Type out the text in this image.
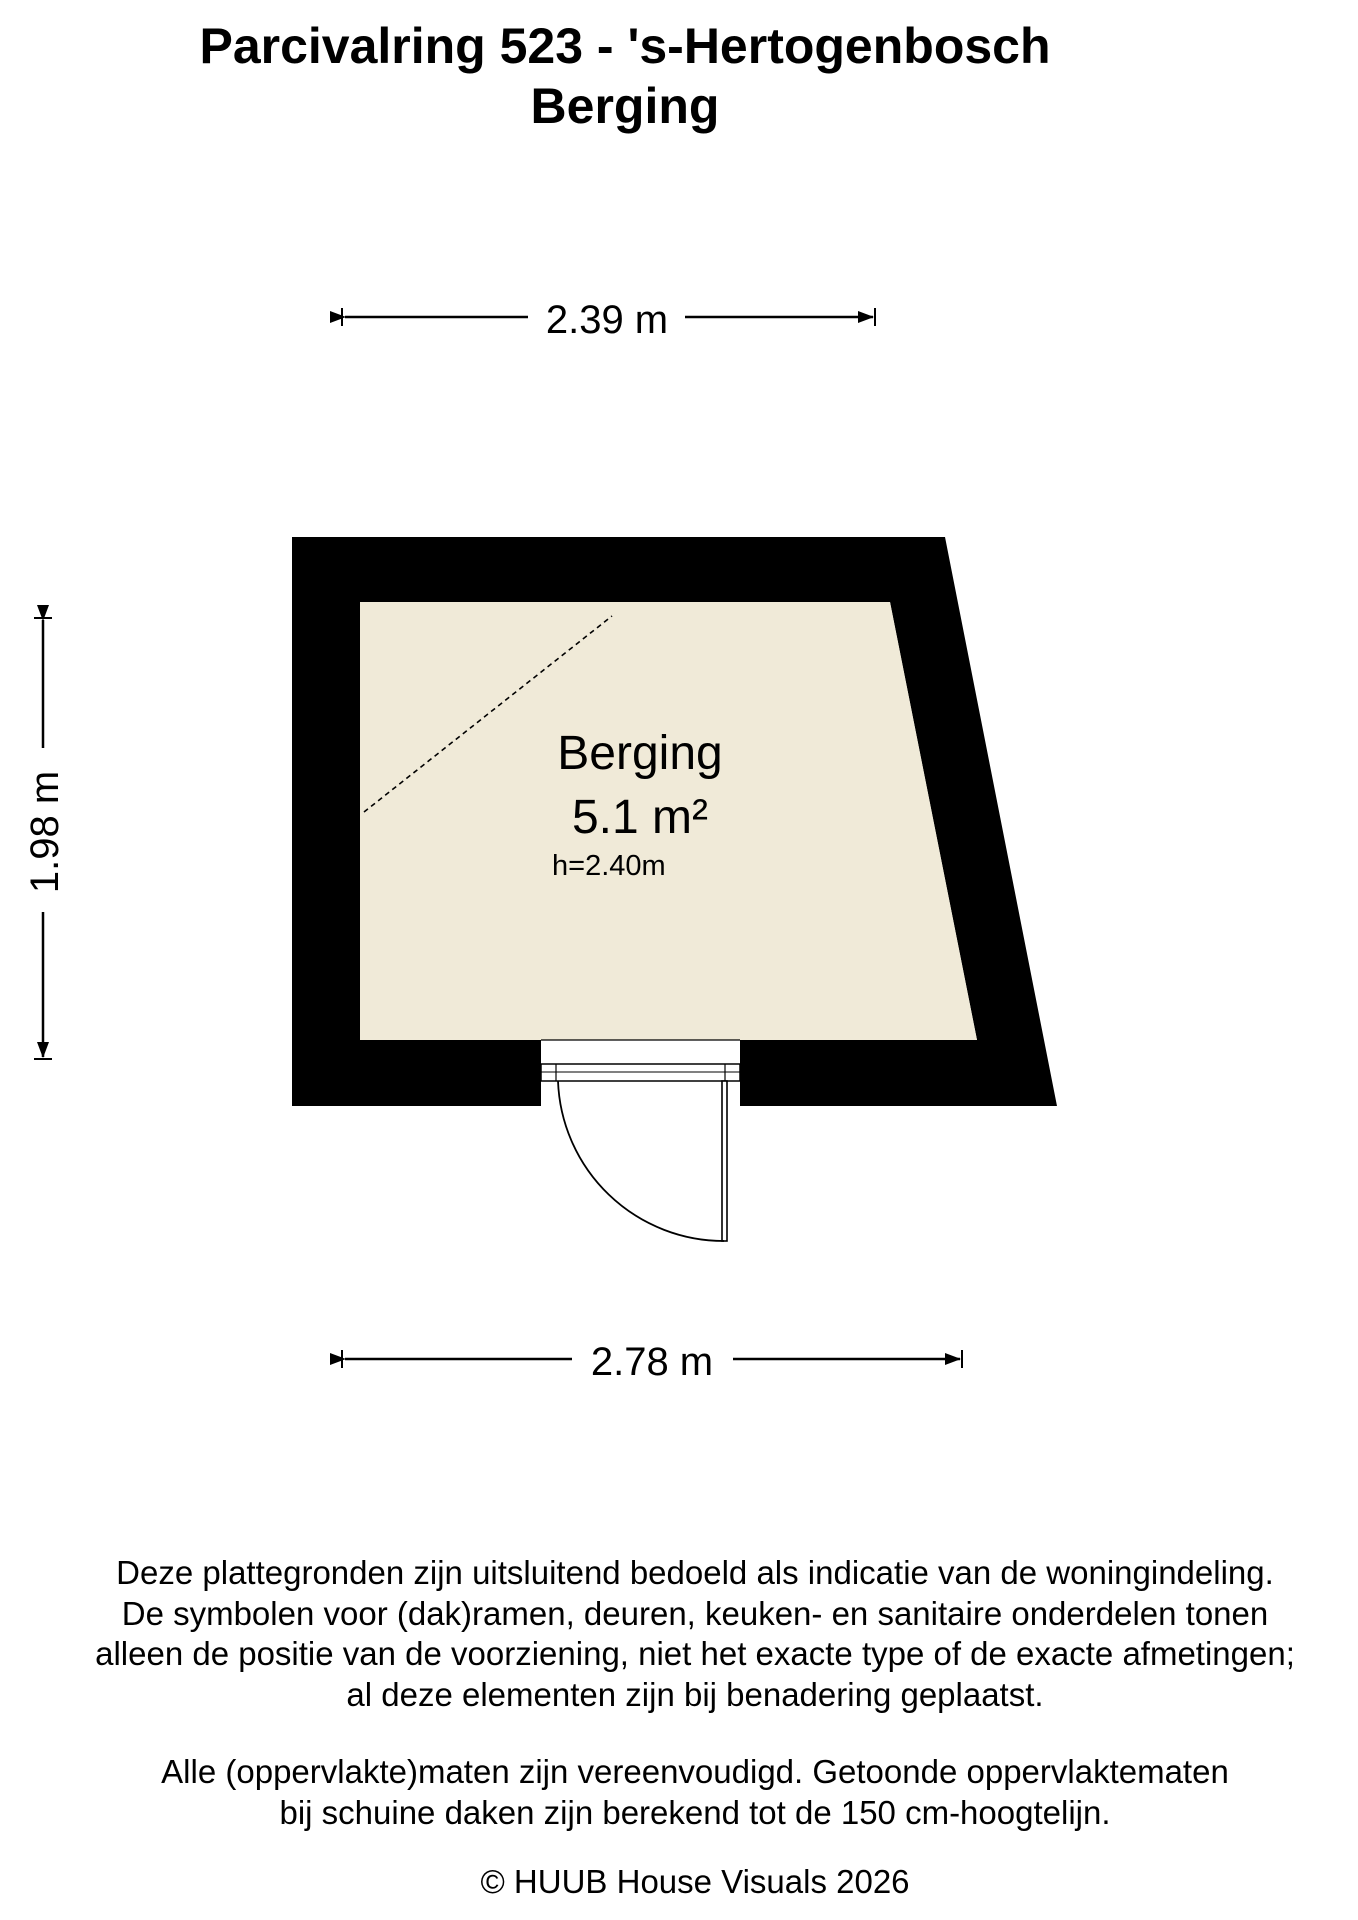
Parcivalring 523 - 's-Hertogenbosch
Berging
2.39 m
1.98 m
Berging
5.1 m²
h=2.40m
2.78 m
Deze plattegronden zijn uitsluitend bedoeld als indicatie van de woningindeling.
De symbolen voor (dak)ramen, deuren, keuken- en sanitaire onderdelen tonen
alleen de positie van de voorziening, niet het exacte type of de exacte afmetingen;
al deze elementen zijn bij benadering geplaatst.
Alle (oppervlakte)maten zijn vereenvoudigd. Getoonde oppervlaktematen
bij schuine daken zijn berekend tot de 150 cm-hoogtelijn.
© HUUB House Visuals 2026
